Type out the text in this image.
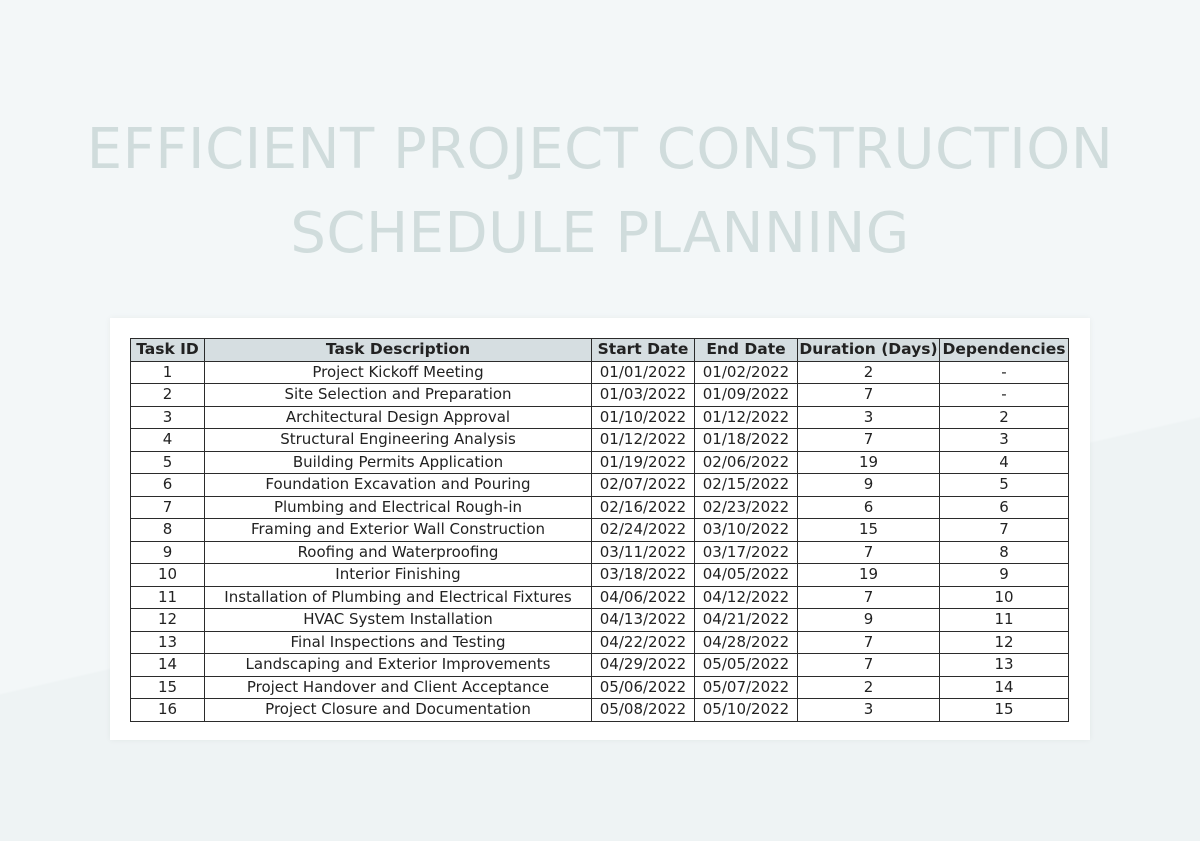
EFFICIENT PROJECT CONSTRUCTION
SCHEDULE PLANNING
Task ID	Task Description	Start Date	End Date	Duration (Days)	Dependencies
1	Project Kickoff Meeting	01/01/2022	01/02/2022	2	-
2	Site Selection and Preparation	01/03/2022	01/09/2022	7	-
3	Architectural Design Approval	01/10/2022	01/12/2022	3	2
4	Structural Engineering Analysis	01/12/2022	01/18/2022	7	3
5	Building Permits Application	01/19/2022	02/06/2022	19	4
6	Foundation Excavation and Pouring	02/07/2022	02/15/2022	9	5
7	Plumbing and Electrical Rough-in	02/16/2022	02/23/2022	6	6
8	Framing and Exterior Wall Construction	02/24/2022	03/10/2022	15	7
9	Roofing and Waterproofing	03/11/2022	03/17/2022	7	8
10	Interior Finishing	03/18/2022	04/05/2022	19	9
11	Installation of Plumbing and Electrical Fixtures	04/06/2022	04/12/2022	7	10
12	HVAC System Installation	04/13/2022	04/21/2022	9	11
13	Final Inspections and Testing	04/22/2022	04/28/2022	7	12
14	Landscaping and Exterior Improvements	04/29/2022	05/05/2022	7	13
15	Project Handover and Client Acceptance	05/06/2022	05/07/2022	2	14
16	Project Closure and Documentation	05/08/2022	05/10/2022	3	15
